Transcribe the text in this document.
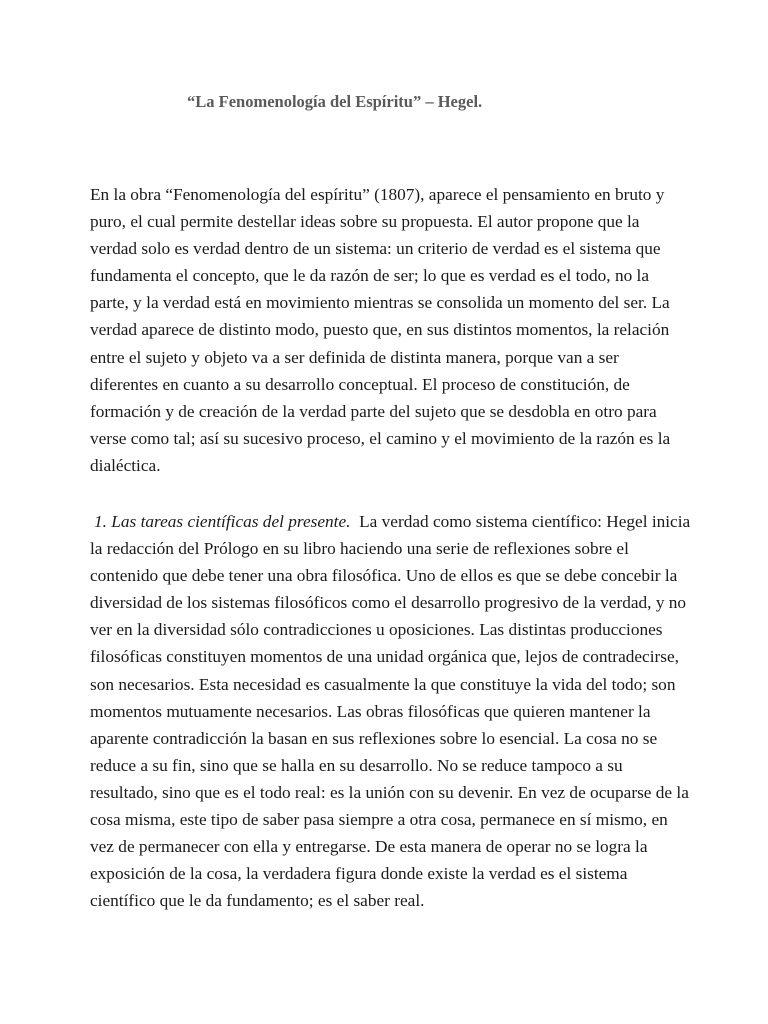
“La Fenomenología del Espíritu” – Hegel.

En la obra “Fenomenología del espíritu” (1807), aparece el pensamiento en bruto y
puro, el cual permite destellar ideas sobre su propuesta. El autor propone que la
verdad solo es verdad dentro de un sistema: un criterio de verdad es el sistema que
fundamenta el concepto, que le da razón de ser; lo que es verdad es el todo, no la
parte, y la verdad está en movimiento mientras se consolida un momento del ser. La
verdad aparece de distinto modo, puesto que, en sus distintos momentos, la relación
entre el sujeto y objeto va a ser definida de distinta manera, porque van a ser
diferentes en cuanto a su desarrollo conceptual. El proceso de constitución, de
formación y de creación de la verdad parte del sujeto que se desdobla en otro para
verse como tal; así su sucesivo proceso, el camino y el movimiento de la razón es la
dialéctica.

1. Las tareas científicas del presente.  La verdad como sistema científico: Hegel inicia
la redacción del Prólogo en su libro haciendo una serie de reflexiones sobre el
contenido que debe tener una obra filosófica. Uno de ellos es que se debe concebir la
diversidad de los sistemas filosóficos como el desarrollo progresivo de la verdad, y no
ver en la diversidad sólo contradicciones u oposiciones. Las distintas producciones
filosóficas constituyen momentos de una unidad orgánica que, lejos de contradecirse,
son necesarios. Esta necesidad es casualmente la que constituye la vida del todo; son
momentos mutuamente necesarios. Las obras filosóficas que quieren mantener la
aparente contradicción la basan en sus reflexiones sobre lo esencial. La cosa no se
reduce a su fin, sino que se halla en su desarrollo. No se reduce tampoco a su
resultado, sino que es el todo real: es la unión con su devenir. En vez de ocuparse de la
cosa misma, este tipo de saber pasa siempre a otra cosa, permanece en sí mismo, en
vez de permanecer con ella y entregarse. De esta manera de operar no se logra la
exposición de la cosa, la verdadera figura donde existe la verdad es el sistema
científico que le da fundamento; es el saber real.
